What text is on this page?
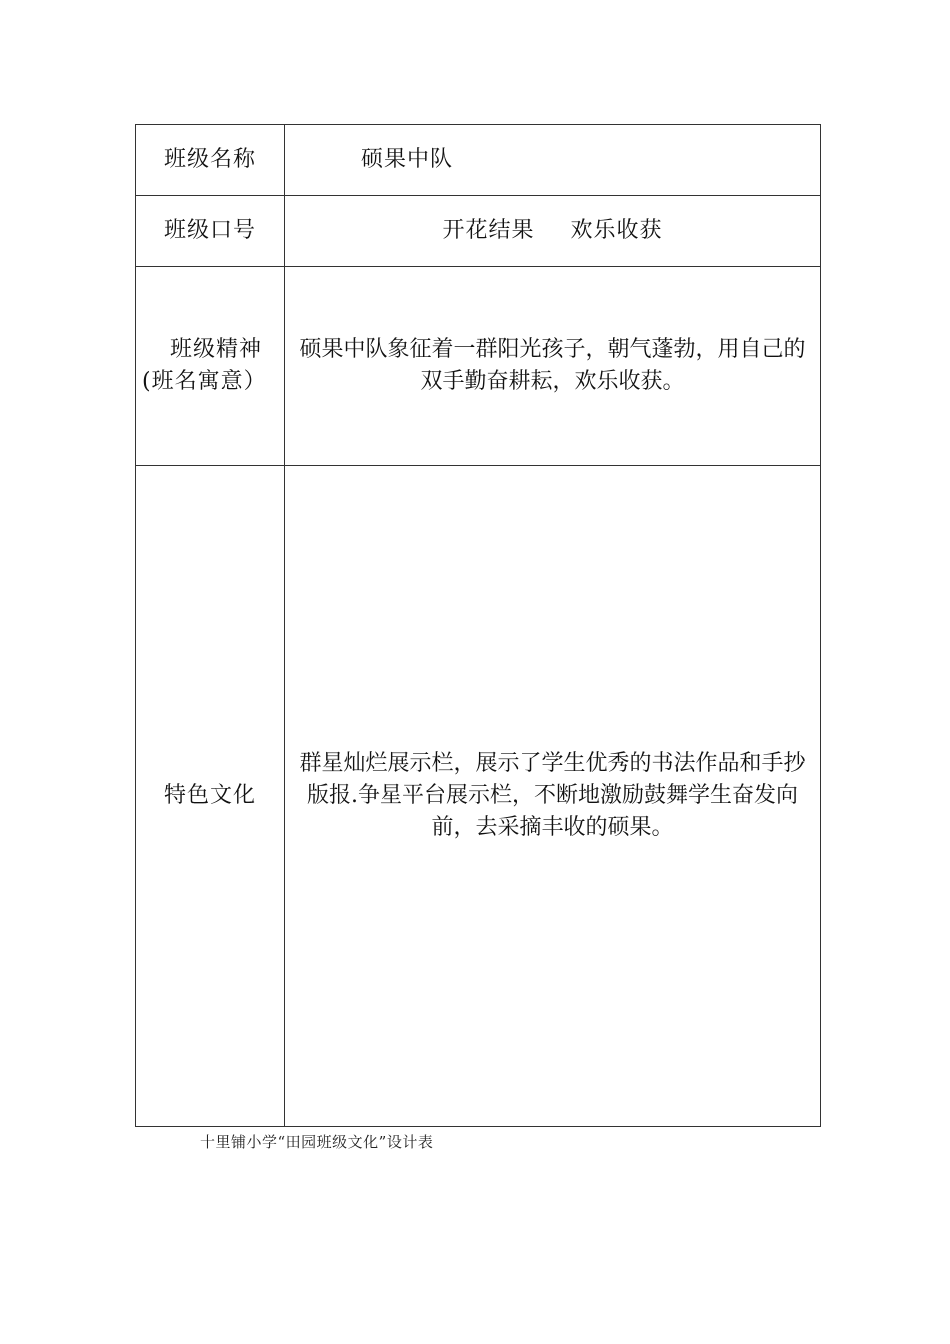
班级名称	硕果中队
班级口号	开花结果 欢乐收获

班级精神
(班名寓意）	硕果中队象征着一群阳光孩子，朝气蓬勃，用自己的双手勤奋耕耘，欢乐收获。
特色文化	群星灿烂展示栏，展示了学生优秀的书法作品和手抄版报.争星平台展示栏，不断地激励鼓舞学生奋发向前，去采摘丰收的硕果。
十里铺小学“田园班级文化”设计表
